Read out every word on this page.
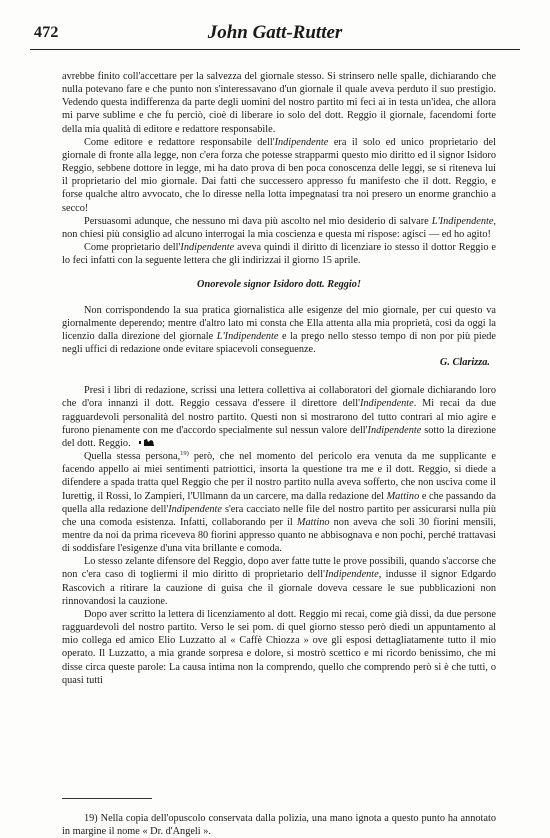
472	John Gatt-Rutter

avrebbe finito coll'accettare per la salvezza del giornale stesso. Si strinsero nelle spalle, dichiarando che nulla potevano fare e che punto non s'interessavano d'un giornale il quale aveva perduto il suo prestigio. Vedendo questa indifferenza da parte degli uomini del nostro partito mi feci ai in testa un'idea, che allora mi parve sublime e che fu perciò, cioè di liberare io solo del dott. Reggio il giornale, facendomi forte della mia qualità di editore e redattore responsabile.

Come editore e redattore responsabile dell'Indipendente era il solo ed unico proprietario del giornale di fronte alla legge, non c'era forza che potesse strapparmi questo mio diritto ed il signor Isidoro Reggio, sebbene dottore in legge, mi ha dato prova di ben poca conoscenza delle leggi, se si riteneva lui il proprietario del mio giornale. Dai fatti che successero appresso fu manifesto che il dott. Reggio, e forse qualche altro avvocato, che lo diresse nella lotta impegnatasi tra noi presero un enorme granchio a secco!

Persuasomi adunque, che nessuno mi dava più ascolto nel mio desiderio di salvare L'Indipendente, non chiesi più consiglio ad alcuno interrogai la mia coscienza e questa mi rispose: agisci — ed ho agito!

Come proprietario dell'Indipendente aveva quindi il diritto di licenziare io stesso il dottor Reggio e lo feci infatti con la seguente lettera che gli indirizzai il giorno 15 aprile.

Onorevole signor Isidoro dott. Reggio!

Non corrispondendo la sua pratica giornalistica alle esigenze del mio giornale, per cui questo va giornalmente deperendo; mentre d'altro lato mi consta che Ella attenta alla mia proprietà, così da oggi la licenzio dalla direzione del giornale L'Indipendente e la prego nello stesso tempo di non por più piede negli uffici di redazione onde evitare spiacevoli conseguenze.

G. Clarizza.

Presi i libri di redazione, scrissi una lettera collettiva ai collaboratori del giornale dichiarando loro che d'ora innanzi il dott. Reggio cessava d'essere il direttore dell'Indipendente. Mi recai da due ragguardevoli personalità del nostro partito. Questi non si mostrarono del tutto contrari al mio agire e furono pienamente con me d'accordo specialmente sul nessun valore dell'Indipendente sotto la direzione del dott. Reggio.

Quella stessa persona,$^{19)}$ però, che nel momento del pericolo era venuta da me supplicante e facendo appello ai miei sentimenti patriottici, insorta la questione tra me e il dott. Reggio, si diede a difendere a spada tratta quel Reggio che per il nostro partito nulla aveva sofferto, che non usciva come il Iurettig, il Rossi, lo Zampieri, l'Ullmann da un carcere, ma dalla redazione del Mattino e che passando da quella alla redazione dell'Indipendente s'era cacciato nelle file del nostro partito per assicurarsi nulla più che una comoda esistenza. Infatti, collaborando per il Mattino non aveva che soli 30 fiorini mensili, mentre da noi da prima riceveva 80 fiorini appresso quanto ne abbisognava e non pochi, perché trattavasi di soddisfare l'esigenze d'una vita brillante e comoda.

Lo stesso zelante difensore del Reggio, dopo aver fatte tutte le prove possibili, quando s'accorse che non c'era caso di togliermi il mio diritto di proprietario dell'Indipendente, indusse il signor Edgardo Rascovich a ritirare la cauzione di guisa che il giornale doveva cessare le sue pubblicazioni non rinnovandosi la cauzione.

Dopo aver scritto la lettera di licenziamento al dott. Reggio mi recai, come già dissi, da due persone ragguardevoli del nostro partito. Verso le sei pom. di quel giorno stesso però diedi un appuntamento al mio collega ed amico Elio Luzzatto al « Caffè Chiozza » ove gli esposi dettagliatamente tutto il mio operato. Il Luzzatto, a mia grande sorpresa e dolore, si mostrò scettico e mi ricordo benissimo, che mi disse circa queste parole: La causa intima non la comprendo, quello che comprendo però si è che tutti, o quasi tutti

19) Nella copia dell'opuscolo conservata dalla polizia, una mano ignota a questo punto ha annotato in margine il nome « Dr. d'Angeli ».
